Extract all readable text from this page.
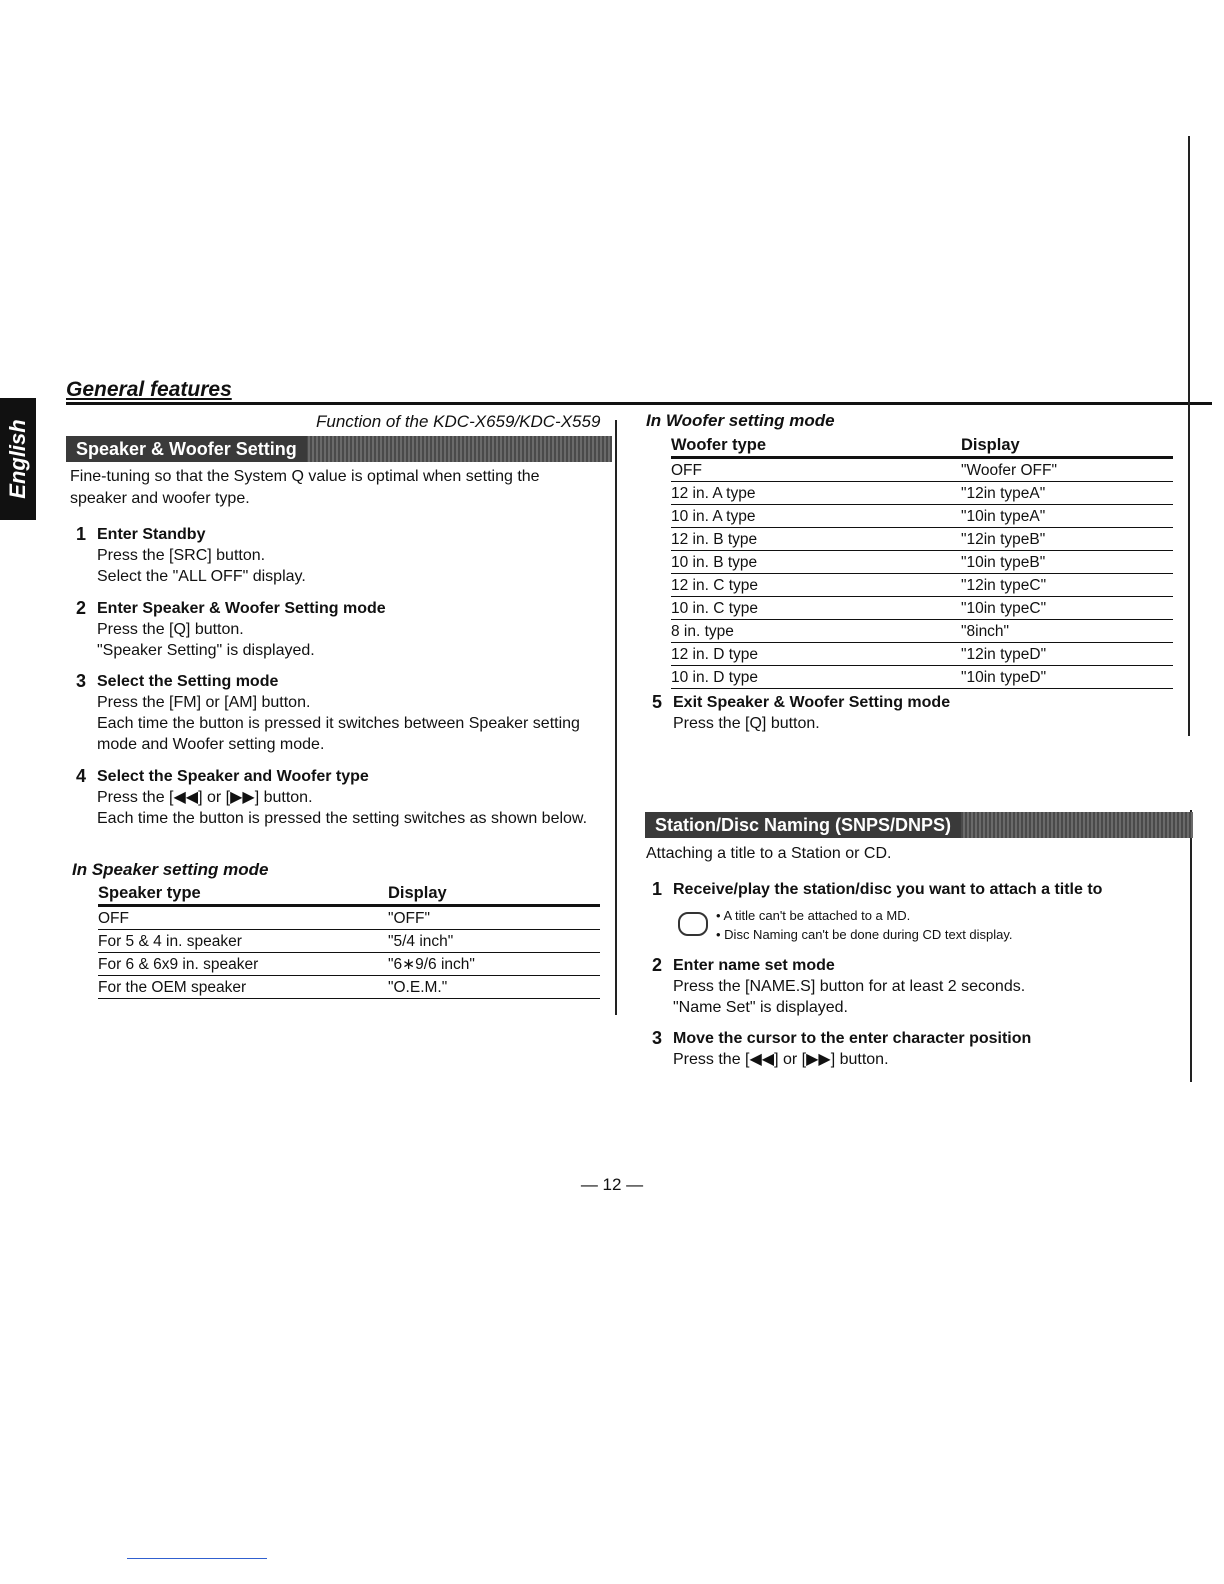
English
General features
Function of the KDC-X659/KDC-X559
Speaker & Woofer Setting
Fine-tuning so that the System Q value is optimal when setting the speaker and woofer type.
1 Enter Standby
Press the [SRC] button.
Select the "ALL OFF" display.
2 Enter Speaker & Woofer Setting mode
Press the [Q] button.
"Speaker Setting" is displayed.
3 Select the Setting mode
Press the [FM] or [AM] button.
Each time the button is pressed it switches between Speaker setting mode and Woofer setting mode.
4 Select the Speaker and Woofer type
Press the [◀◀] or [▶▶] button.
Each time the button is pressed the setting switches as shown below.
In Speaker setting mode
Speaker type	Display
OFF	"OFF"
For 5 & 4 in. speaker	"5/4 inch"
For 6 & 6x9 in. speaker	"6∗9/6 inch"
For the OEM speaker	"O.E.M."
In Woofer setting mode
Woofer type	Display
OFF	"Woofer OFF"
12 in. A type	"12in typeA"
10 in. A type	"10in typeA"
12 in. B type	"12in typeB"
10 in. B type	"10in typeB"
12 in. C type	"12in typeC"
10 in. C type	"10in typeC"
8 in. type	"8inch"
12 in. D type	"12in typeD"
10 in. D type	"10in typeD"
5 Exit Speaker & Woofer Setting mode
Press the [Q] button.
Station/Disc Naming (SNPS/DNPS)
Attaching a title to a Station or CD.
1 Receive/play the station/disc you want to attach a title to
• A title can't be attached to a MD.
• Disc Naming can't be done during CD text display.
2 Enter name set mode
Press the [NAME.S] button for at least 2 seconds.
"Name Set" is displayed.
3 Move the cursor to the enter character position
Press the [◀◀] or [▶▶] button.
— 12 —
